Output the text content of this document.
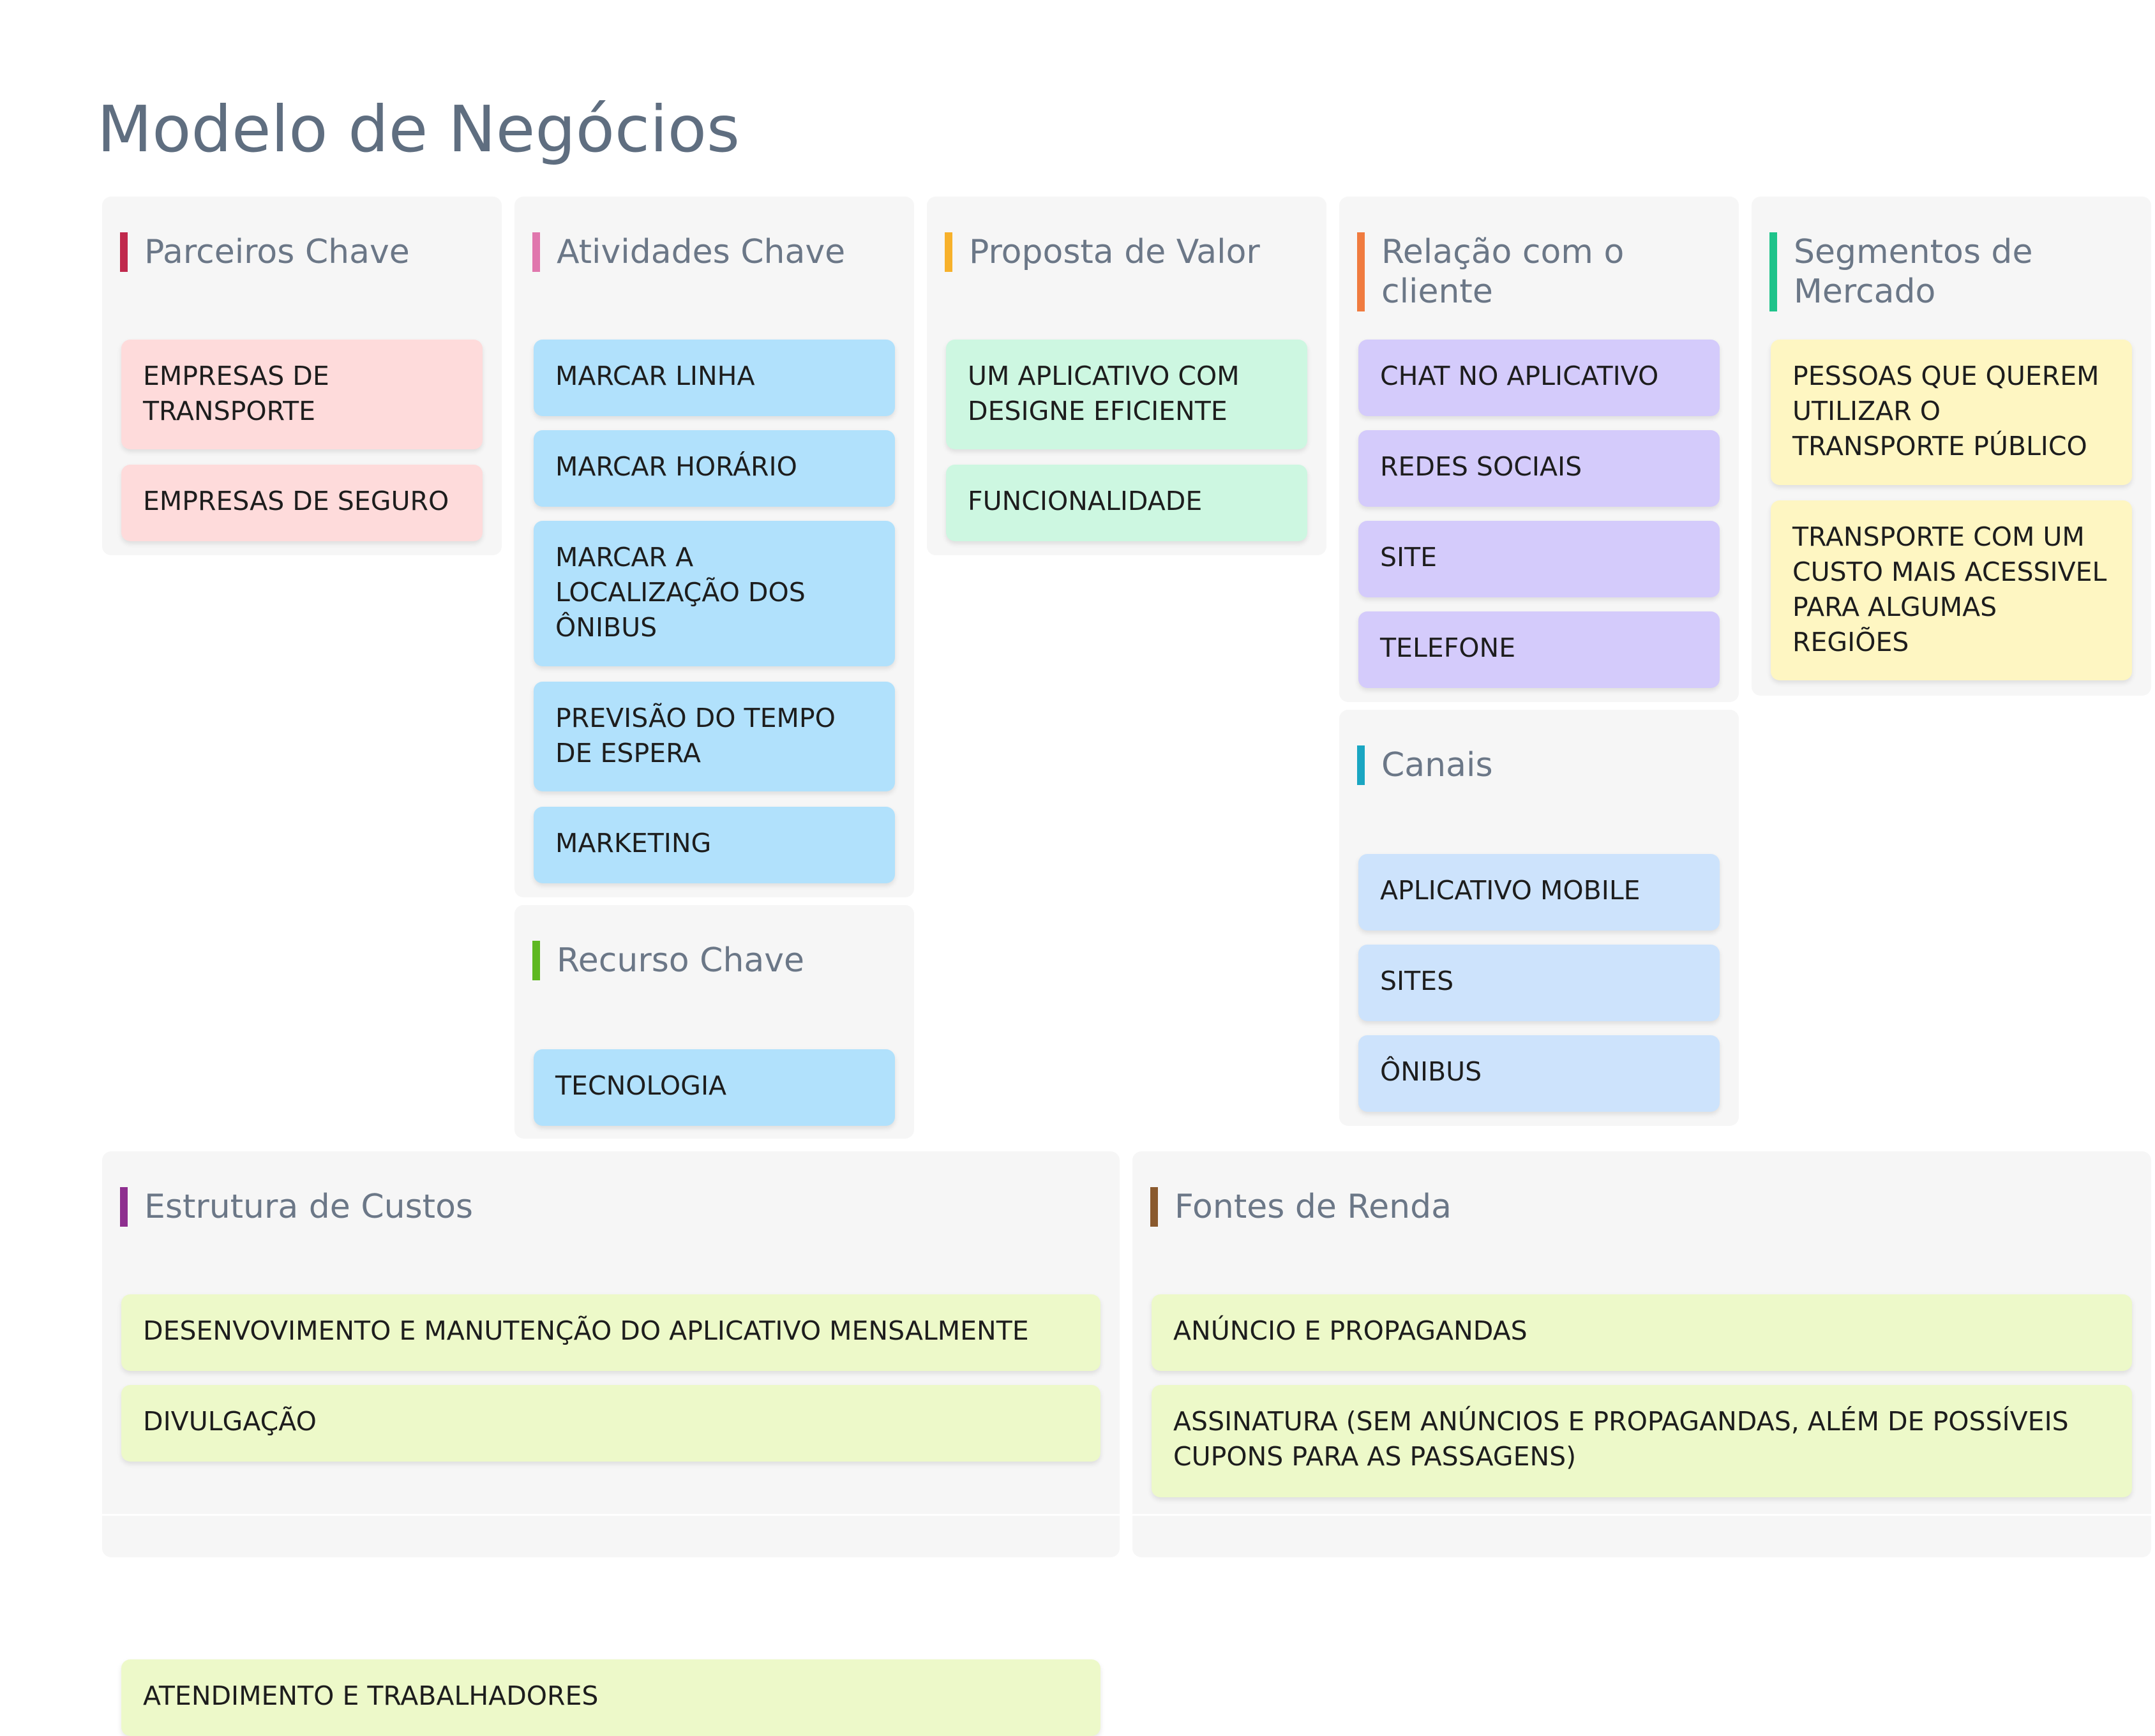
Modelo de Negócios
Parceiros Chave
EMPRESAS DE TRANSPORTE
EMPRESAS DE SEGURO
Atividades Chave
MARCAR LINHA
MARCAR HORÁRIO
MARCAR A LOCALIZAÇÃO DOS ÔNIBUS
PREVISÃO DO TEMPO DE ESPERA
MARKETING
Recurso Chave
TECNOLOGIA
Proposta de Valor
UM APLICATIVO COM DESIGNE EFICIENTE
FUNCIONALIDADE
Relação com o cliente
CHAT NO APLICATIVO
REDES SOCIAIS
SITE
TELEFONE
Canais
APLICATIVO MOBILE
SITES
ÔNIBUS
Segmentos de Mercado
PESSOAS QUE QUEREM UTILIZAR O TRANSPORTE PÚBLICO
TRANSPORTE COM UM CUSTO MAIS ACESSIVEL PARA ALGUMAS REGIÕES
Estrutura de Custos
DESENVOVIMENTO E MANUTENÇÃO DO APLICATIVO MENSALMENTE
DIVULGAÇÃO
ATENDIMENTO E TRABALHADORES
Fontes de Renda
ANÚNCIO E PROPAGANDAS
ASSINATURA (SEM ANÚNCIOS E PROPAGANDAS, ALÉM DE POSSÍVEIS CUPONS PARA AS PASSAGENS)
